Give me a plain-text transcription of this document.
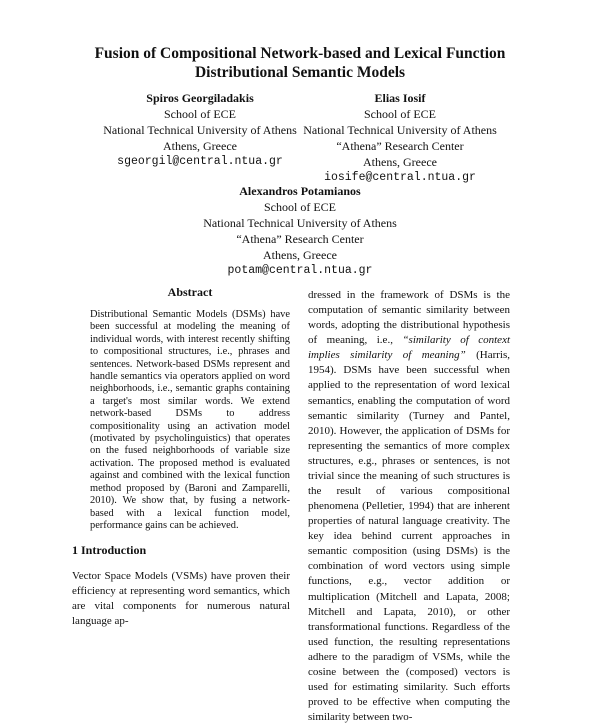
Fusion of Compositional Network-based and Lexical Function
Distributional Semantic Models
Spiros Georgiladakis
School of ECE
National Technical University of Athens
Athens, Greece
sgeorgil@central.ntua.gr
Elias Iosif
School of ECE
National Technical University of Athens
“Athena” Research Center
Athens, Greece
iosife@central.ntua.gr
Alexandros Potamianos
School of ECE
National Technical University of Athens
“Athena” Research Center
Athens, Greece
potam@central.ntua.gr
Abstract
Distributional Semantic Models (DSMs) have been successful at modeling the meaning of individual words, with interest recently shifting to compositional structures, i.e., phrases and sentences. Network-based DSMs represent and handle semantics via operators applied on word neighborhoods, i.e., semantic graphs containing a target's most similar words. We extend network-based DSMs to address compositionality using an activation model (motivated by psycholinguistics) that operates on the fused neighborhoods of variable size activation. The proposed method is evaluated against and combined with the lexical function method proposed by (Baroni and Zamparelli, 2010). We show that, by fusing a network-based with a lexical function model, performance gains can be achieved.
1 Introduction
Vector Space Models (VSMs) have proven their efficiency at representing word semantics, which are vital components for numerous natural language ap-
dressed in the framework of DSMs is the computation of semantic similarity between words, adopting the distributional hypothesis of meaning, i.e., “similarity of context implies similarity of meaning” (Harris, 1954). DSMs have been successful when applied to the representation of word lexical semantics, enabling the computation of word semantic similarity (Turney and Pantel, 2010). However, the application of DSMs for representing the semantics of more complex structures, e.g., phrases or sentences, is not trivial since the meaning of such structures is the result of various compositional phenomena (Pelletier, 1994) that are inherent properties of natural language creativity. The key idea behind current approaches in semantic composition (using DSMs) is the combination of word vectors using simple functions, e.g., vector addition or multiplication (Mitchell and Lapata, 2008; Mitchell and Lapata, 2010), or other transformational functions. Regardless of the used function, the resulting representations adhere to the paradigm of VSMs, while the cosine between the (composed) vectors is used for estimating similarity. Such efforts proved to be effective when computing the similarity between two-
